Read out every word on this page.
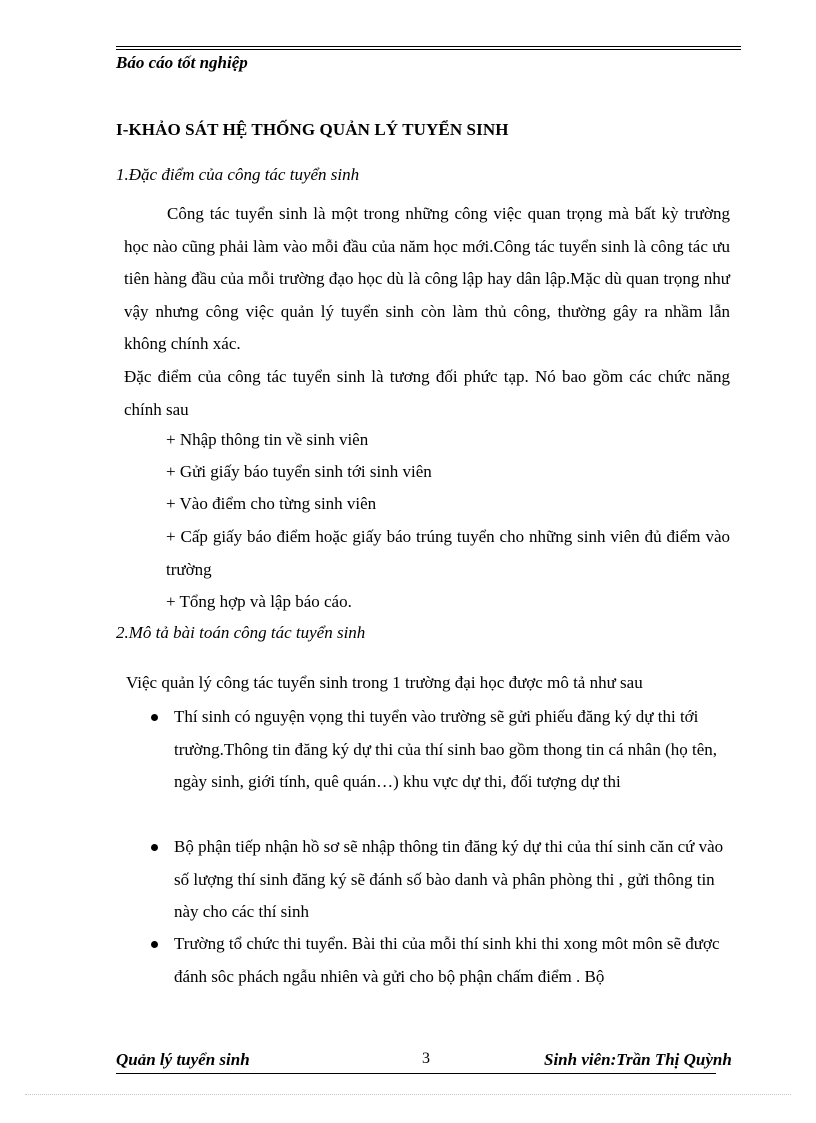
Báo cáo tốt nghiệp
I-KHẢO SÁT HỆ THỐNG QUẢN LÝ TUYỂN SINH
1.Đặc điểm của công tác tuyển sinh
Công tác tuyển sinh là một trong những công việc quan trọng mà bất kỳ trường học nào cũng phải làm vào mỗi đầu của năm học mới.Công tác tuyển sinh là công tác ưu tiên hàng đầu của mỗi trường đạo học dù là công lập hay dân lập.Mặc dù quan trọng như vậy nhưng công việc quản lý tuyển sinh còn làm thủ công, thường gây ra nhầm lẫn không chính xác.
Đặc điểm của công tác tuyển sinh là tương đối phức tạp. Nó bao gồm các chức năng chính sau
+ Nhập thông tin về sinh viên
+ Gửi giấy báo tuyển sinh tới sinh viên
+ Vào điểm cho từng sinh viên
+ Cấp giấy báo điểm hoặc giấy báo trúng tuyển cho những sinh viên đủ điểm vào trường
+ Tổng hợp và lập báo cáo.
2.Mô tả bài toán công tác tuyển sinh
Việc quản lý công tác tuyển sinh trong 1 trường đại học được mô tả như sau
Thí sinh có nguyện vọng thi tuyển vào trường sẽ gửi phiếu đăng ký dự thi tới trường.Thông tin đăng ký dự thi của thí sinh bao gồm thong tin cá nhân (họ tên, ngày sinh, giới tính, quê quán…) khu vực dự thi, đối tượng dự thi
Bộ phận tiếp nhận hồ sơ sẽ nhập thông tin đăng ký dự thi của thí sinh căn cứ vào số lượng thí sinh đăng ký sẽ đánh số bào danh và phân phòng thi , gửi thông tin này cho các thí sinh
Trường tổ chức thi tuyển. Bài thi của mỗi thí sinh khi thi xong môt môn sẽ được đánh sôc phách ngẫu nhiên và gửi cho bộ phận chấm điểm . Bộ
Quản lý tuyển sinh	3	Sinh viên:Trần Thị Quỳnh
